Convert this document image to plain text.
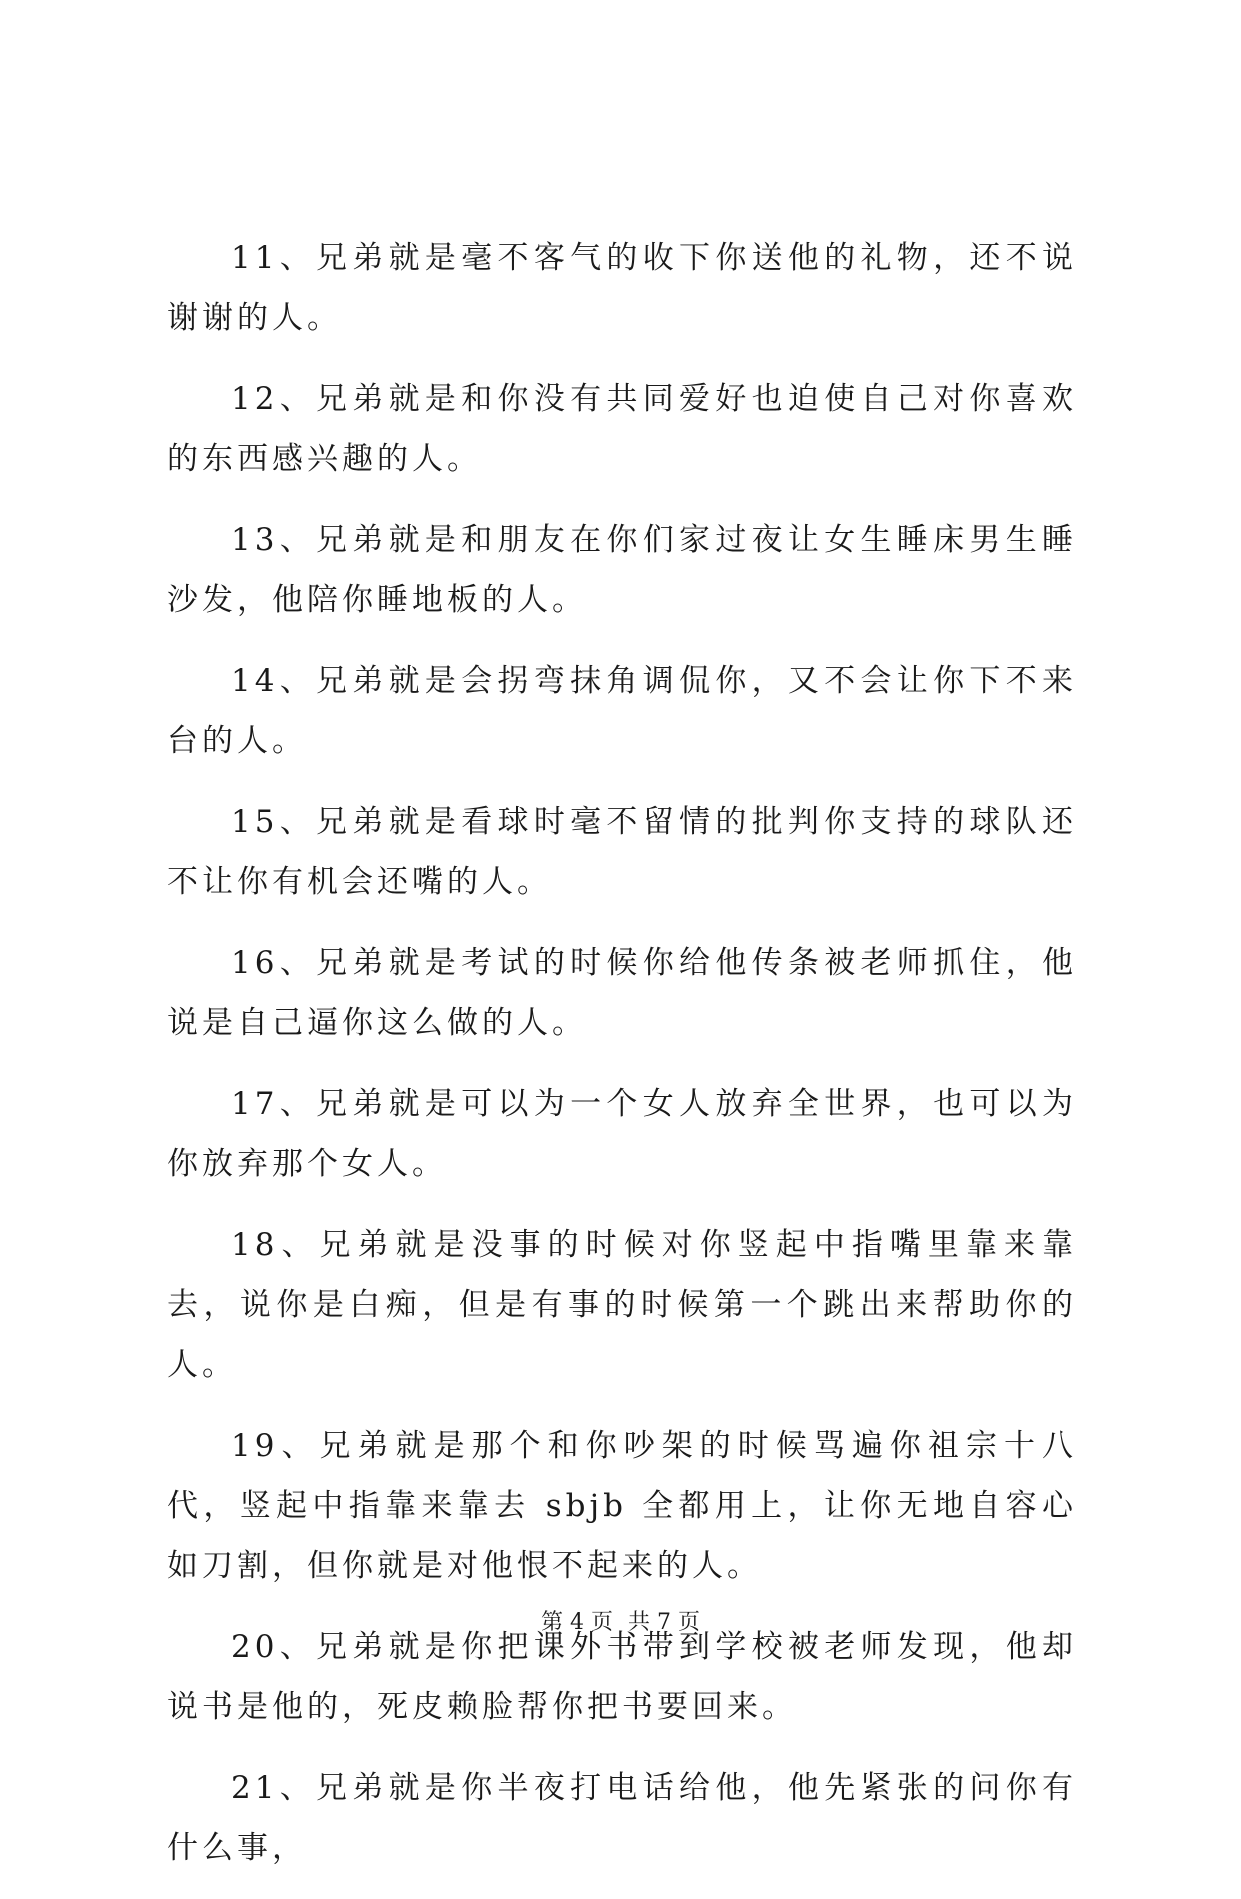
11、兄弟就是毫不客气的收下你送他的礼物，还不说谢谢的人。

12、兄弟就是和你没有共同爱好也迫使自己对你喜欢的东西感兴趣的人。

13、兄弟就是和朋友在你们家过夜让女生睡床男生睡沙发，他陪你睡地板的人。

14、兄弟就是会拐弯抹角调侃你，又不会让你下不来台的人。

15、兄弟就是看球时毫不留情的批判你支持的球队还不让你有机会还嘴的人。

16、兄弟就是考试的时候你给他传条被老师抓住，他说是自己逼你这么做的人。

17、兄弟就是可以为一个女人放弃全世界，也可以为你放弃那个女人。

18、兄弟就是没事的时候对你竖起中指嘴里靠来靠去，说你是白痴，但是有事的时候第一个跳出来帮助你的人。

19、兄弟就是那个和你吵架的时候骂遍你祖宗十八代，竖起中指靠来靠去 sbjb 全都用上，让你无地自容心如刀割，但你就是对他恨不起来的人。

20、兄弟就是你把课外书带到学校被老师发现，他却说书是他的，死皮赖脸帮你把书要回来。

21、兄弟就是你半夜打电话给他，他先紧张的问你有什么事，

第 4 页 共 7 页
